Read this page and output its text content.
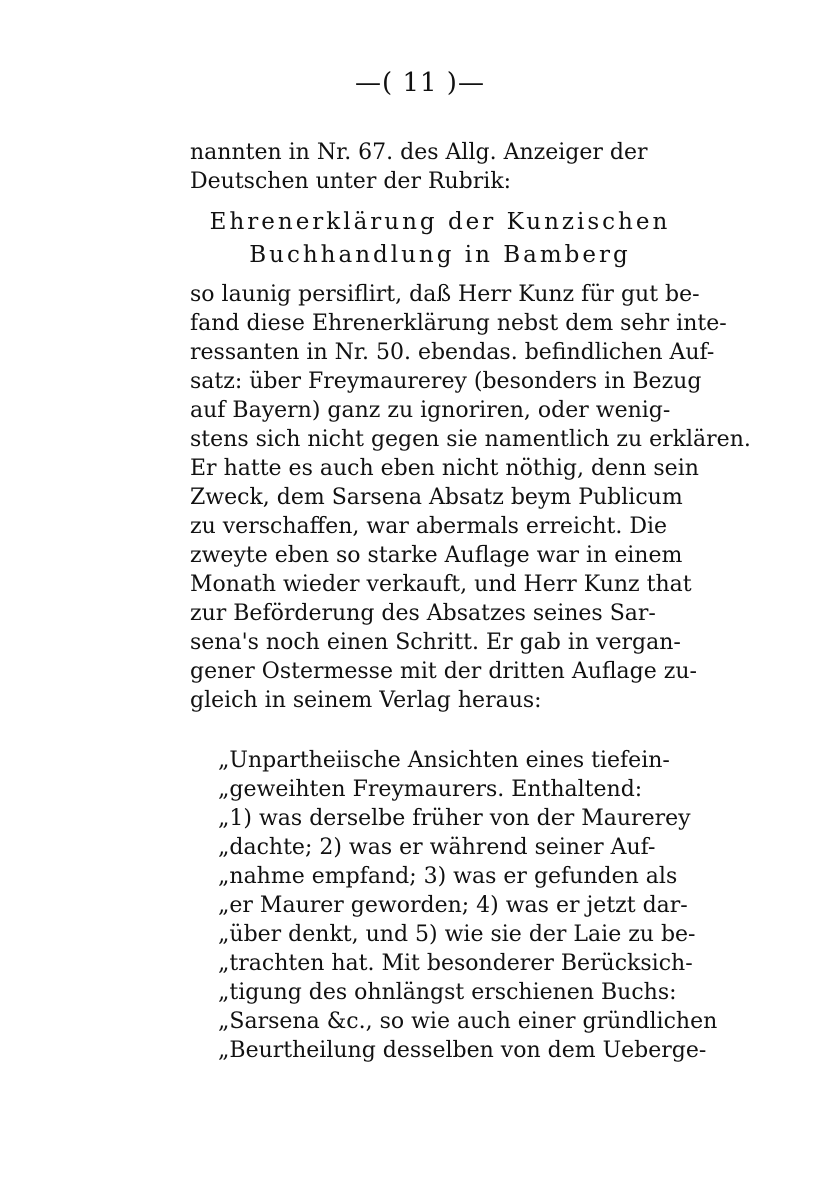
—( 11 )—
nannten in Nr. 67. des Allg. Anzeiger der
Deutschen unter der Rubrik:
Ehrenerklärung der Kunzischen
Buchhandlung in Bamberg
so launig persiflirt, daß Herr Kunz für gut be-
fand diese Ehrenerklärung nebst dem sehr inte-
ressanten in Nr. 50. ebendas. befindlichen Auf-
satz: über Freymaurerey (besonders in Bezug
auf Bayern) ganz zu ignoriren, oder wenig-
stens sich nicht gegen sie namentlich zu erklären.
Er hatte es auch eben nicht nöthig, denn sein
Zweck, dem Sarsena Absatz beym Publicum
zu verschaffen, war abermals erreicht. Die
zweyte eben so starke Auflage war in einem
Monath wieder verkauft, und Herr Kunz that
zur Beförderung des Absatzes seines Sar-
sena's noch einen Schritt. Er gab in vergan-
gener Ostermesse mit der dritten Auflage zu-
gleich in seinem Verlag heraus:
„Unpartheiische Ansichten eines tiefein-
„geweihten Freymaurers. Enthaltend:
„1) was derselbe früher von der Maurerey
„dachte; 2) was er während seiner Auf-
„nahme empfand; 3) was er gefunden als
„er Maurer geworden; 4) was er jetzt dar-
„über denkt, und 5) wie sie der Laie zu be-
„trachten hat. Mit besonderer Berücksich-
„tigung des ohnlängst erschienen Buchs:
„Sarsena &c., so wie auch einer gründlichen
„Beurtheilung desselben von dem Ueberge-
